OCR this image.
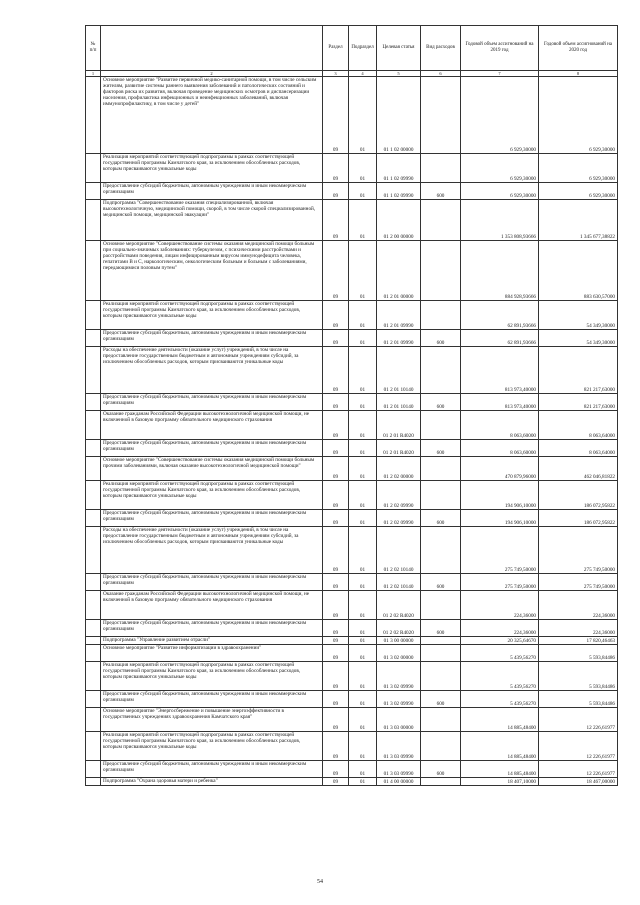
№ п/п		Раздел	Подраздел	Целевая статья	Вид расходов	Годовой объем ассигнований на 2019 год	Годовой объем ассигнований на 2020 год
1	2	3	4	5	6	7	8
	Основное мероприятие "Развитие первичной медико-санитарной помощи, в том числе сельским жителям, развитие системы раннего выявления заболеваний и патологических состояний и факторов риска их развития, включая проведение медицинских осмотров и диспансеризации населения, профилактика инфекционных и неинфекционных заболеваний, включая иммунопрофилактику, в том числе у детей"	09	01	01 1 02 00000		6 929,30000	6 929,30000
	Реализация мероприятий соответствующей подпрограммы в рамках соответствующей государственной программы Камчатского края, за исключением обособленных расходов, которым присваиваются уникальные коды	09	01	01 1 02 09990		6 929,30000	6 929,30000
	Предоставление субсидий бюджетным, автономным учреждениям и иным некоммерческим организациям	09	01	01 1 02 09990	600	6 929,30000	6 929,30000
	Подпрограмма "Совершенствование оказания специализированной, включая высокотехнологичную, медицинской помощи, скорой, в том числе скорой специализированной, медицинской помощи, медицинской эвакуации"	09	01	01 2 00 00000		1 353 808,93666	1 345 677,38822
	Основное мероприятие "Совершенствование системы оказания медицинской помощи больным при социально-значимых заболеваниях: туберкулезом, с психическими расстройствами и расстройствами поведения, лицам инфицированным вирусом иммунодефицита человека, гепатитами В и С, наркологическим, онкологическим больным и больным с заболеваниями, передающимися половым путем"	09	01	01 2 01 00000		884 928,93666	883 630,57000
	Реализация мероприятий соответствующей подпрограммы в рамках соответствующей государственной программы Камчатского края, за исключением обособленных расходов, которым присваиваются уникальные коды	09	01	01 2 01 09990		62 891,93666	54 349,30000
	Предоставление субсидий бюджетным, автономным учреждениям и иным некоммерческим организациям	09	01	01 2 01 09990	600	62 891,93666	54 349,30000
	Расходы на обеспечение деятельности (оказание услуг) учреждений, в том числе на предоставление государственным бюджетным и автономным учреждениям субсидий, за исключением обособленных расходов, которым присваиваются уникальные коды	09	01	01 2 01 10140		813 973,40000	821 217,63000
	Предоставление субсидий бюджетным, автономным учреждениям и иным некоммерческим организациям	09	01	01 2 01 10140	600	813 973,40000	821 217,63000
	Оказание гражданам Российской Федерации высокотехнологичной медицинской помощи, не включенной в базовую программу обязательного медицинского страхования	09	01	01 2 01 R4020		8 063,60000	8 063,64000
	Предоставление субсидий бюджетным, автономным учреждениям и иным некоммерческим организациям	09	01	01 2 01 R4020	600	8 063,60000	8 063,64000
	Основное мероприятие "Совершенствование системы оказания медицинской помощи больным прочими заболеваниями, включая оказание высокотехнологичной медицинской помощи"	09	01	01 2 02 00000		470 879,96000	462 046,81822
	Реализация мероприятий соответствующей подпрограммы в рамках соответствующей государственной программы Камчатского края, за исключением обособленных расходов, которым присваиваются уникальные коды	09	01	01 2 02 09990		194 906,10000	186 072,95822
	Предоставление субсидий бюджетным, автономным учреждениям и иным некоммерческим организациям	09	01	01 2 02 09990	600	194 906,10000	186 072,95822
	Расходы на обеспечение деятельности (оказание услуг) учреждений, в том числе на предоставление государственным бюджетным и автономным учреждениям субсидий, за исключением обособленных расходов, которым присваиваются уникальные коды	09	01	01 2 02 10140		275 749,50000	275 749,50000
	Предоставление субсидий бюджетным, автономным учреждениям и иным некоммерческим организациям	09	01	01 2 02 10140	600	275 749,50000	275 749,50000
	Оказание гражданам Российской Федерации высокотехнологичной медицинской помощи, не включенной в базовую программу обязательного медицинского страхования	09	01	01 2 02 R4020		224,36000	224,36000
	Предоставление субсидий бюджетным, автономным учреждениям и иным некоммерческим организациям	09	01	01 2 02 R4020	600	224,36000	224,36000
	Подпрограмма "Управление развитием отрасли"	09	01	01 3 00 00000		20 325,64670	17 820,46463
	Основное мероприятие "Развитие информатизации в здравоохранении"	09	01	01 3 02 00000		5 439,56270	5 593,84486
	Реализация мероприятий соответствующей подпрограммы в рамках соответствующей государственной программы Камчатского края, за исключением обособленных расходов, которым присваиваются уникальные коды	09	01	01 3 02 09990		5 439,56270	5 593,84486
	Предоставление субсидий бюджетным, автономным учреждениям и иным некоммерческим организациям	09	01	01 3 02 09990	600	5 439,56270	5 593,84486
	Основное мероприятие "Энергосбережение и повышение энергоэффективности в государственных учреждениях здравоохранения Камчатского края"	09	01	01 3 03 00000		14 885,48400	12 226,61977
	Реализация мероприятий соответствующей подпрограммы в рамках соответствующей государственной программы Камчатского края, за исключением обособленных расходов, которым присваиваются уникальные коды	09	01	01 3 03 09990		14 885,48400	12 226,61977
	Предоставление субсидий бюджетным, автономным учреждениям и иным некоммерческим организациям	09	01	01 3 03 09990	600	14 885,48400	12 226,61977
	Подпрограмма "Охрана здоровья матери и ребенка"	09	01	01 4 00 00000		18 407,10000	18 467,00000
54
